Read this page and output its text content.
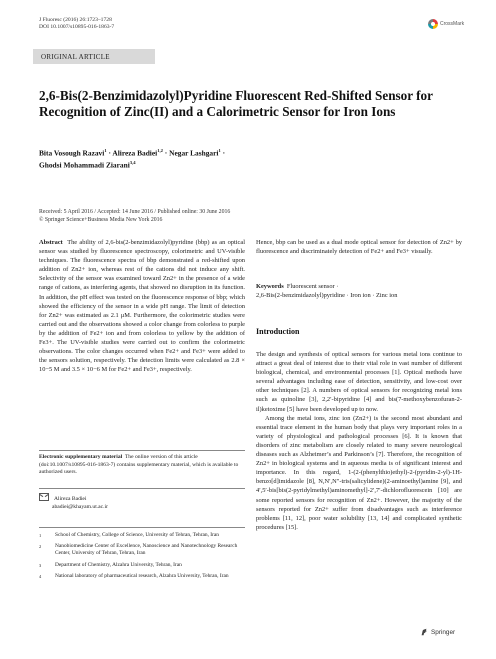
J Fluoresc (2016) 26:1723–1728
DOI 10.1007/s10895-016-1863-7
CrossMark
ORIGINAL ARTICLE
2,6-Bis(2-Benzimidazolyl)Pyridine Fluorescent Red-Shifted Sensor for Recognition of Zinc(II) and a Calorimetric Sensor for Iron Ions
Bita Vosough Razavi$^1$ · Alireza Badiei$^{1,2}$ · Negar Lashgari$^1$ ·
Ghodsi Mohammadi Ziarani$^{3,4}$
Received: 5 April 2016 / Accepted: 14 June 2016 / Published online: 30 June 2016
© Springer Science+Business Media New York 2016
Abstract The ability of 2,6-bis(2-benzimidazolyl)pyridine (bbp) as an optical sensor was studied by fluorescence spectroscopy, colorimetric and UV-visible techniques. The fluorescence spectra of bbp demonstrated a red-shifted upon addition of Zn2+ ion, whereas rest of the cations did not induce any shift. Selectivity of the sensor was examined toward Zn2+ in the presence of a wide range of cations, as interfering agents, that showed no disruption in its function. In addition, the pH effect was tested on the fluorescence response of bbp; which showed the efficiency of the sensor in a wide pH range. The limit of detection for Zn2+ was estimated as 2.1 μM. Furthermore, the colorimetric studies were carried out and the observations showed a color change from colorless to purple by the addition of Fe2+ ion and from colorless to yellow by the addition of Fe3+. The UV-visible studies were carried out to confirm the colorimetric observations. The color changes occurred when Fe2+ and Fe3+ were added to the sensors solution, respectively. The detection limits were calculated as 2.8 × 10−5 M and 3.5 × 10−6 M for Fe2+ and Fe3+, respectively.
Hence, bbp can be used as a dual mode optical sensor for detection of Zn2+ by fluorescence and discriminately detection of Fe2+ and Fe3+ visually.
Keywords Fluorescent sensor ·
2,6-Bis(2-benzimidazolyl)pyridine · Iron ion · Zinc ion
Electronic supplementary material The online version of this article (doi:10.1007/s10895-016-1863-7) contains supplementary material, which is available to authorized users.
Alireza Badiei
abadiei@khayam.ut.ac.ir
1	School of Chemistry, College of Science, University of Tehran, Tehran, Iran
2	Nanobiomedicine Center of Excellence, Nanoscience and Nanotechnology Research Center, University of Tehran, Tehran, Iran
3	Department of Chemistry, Alzahra University, Tehran, Iran
4	National laboratory of pharmaceutical research, Alzahra University, Tehran, Iran
Introduction

The design and synthesis of optical sensors for various metal ions continue to attract a great deal of interest due to their vital role in vast number of different biological, chemical, and environmental processes [1]. Optical methods have several advantages including ease of detection, sensitivity, and low-cost over other techniques [2]. A numbers of optical sensors for recognizing metal ions such as quinoline [3], 2,2′-bipyridine [4] and bis(7-methoxybenzofuran-2-il)ketoxime [5] have been developed up to now.

Among the metal ions, zinc ion (Zn2+) is the second most abundant and essential trace element in the human body that plays very important roles in a variety of physiological and pathological processes [6]. It is known that disorders of zinc metabolism are closely related to many severe neurological diseases such as Alzheimer’s and Parkinson’s [7]. Therefore, the recognition of Zn2+ in biological systems and in aqueous media is of significant interest and importance. In this regard, 1-(2-(phenylthio)ethyl)-2-(pyridin-2-yl)-1H-benzo[d]imidazole [8], N,N′,N″-tris(salicylidene)(2-aminoethyl)amine [9], and 4′,5′-bis[bis(2-pyridylmethyl)aminomethyl]-2′,7′-dichlorofluorescein [10] are some reported sensors for recognition of Zn2+. However, the majority of the sensors reported for Zn2+ suffer from disadvantages such as interference problems [11, 12], poor water solubility [13, 14] and complicated synthetic procedures [15].

Springer
